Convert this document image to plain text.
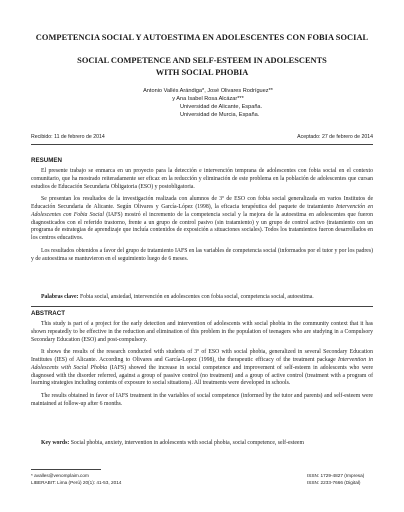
COMPETENCIA SOCIAL Y AUTOESTIMA EN ADOLESCENTES CON FOBIA SOCIAL
SOCIAL COMPETENCE AND SELF-ESTEEM IN ADOLESCENTS
WITH SOCIAL PHOBIA
Antonio Vallés Arándiga*, José Olivares Rodríguez**
y Ana Isabel Rosa Alcázar***
Universidad de Alicante, España.
Universidad de Murcia, España.
Recibido: 11 de febrero de 2014	Aceptado: 27 de febrero de 2014
RESUMEN

El presente trabajo se enmarca en un proyecto para la detección e intervención temprana de adolescentes con fobia social en el contexto comunitario, que ha mostrado reiteradamente ser eficaz en la reducción y eliminación de este problema en la población de adolescentes que cursan estudios de Educación Secundaria Obligatoria (ESO) y postobligatoria.

Se presentan los resultados de la investigación realizada con alumnos de 3º de ESO con fobia social generalizada en varios Institutos de Educación Secundaria de Alicante. Según Olivares y García-López (1998), la eficacia terapéutica del paquete de tratamiento Intervención en Adolescentes con Fobia Social (IAFS) mostró el incremento de la competencia social y la mejora de la autoestima en adolescentes que fueron diagnosticados con el referido trastorno, frente a un grupo de control pasivo (sin tratamiento) y un grupo de control activo (tratamiento con un programa de estrategias de aprendizaje que incluía contenidos de exposición a situaciones sociales). Todos los tratamientos fueron desarrollados en los centros educativos.

Los resultados obtenidos a favor del grupo de tratamiento IAFS en las variables de competencia social (informados por el tutor y por los padres) y de autoestima se mantuvieron en el seguimiento luego de 6 meses.

Palabras clave: Fobia social, ansiedad, intervención en adolescentes con fobia social, competencia social, autoestima.
ABSTRACT

This study is part of a project for the early detection and intervention of adolescents with social phobia in the community context that it has shown repeatedly to be effective in the reduction and elimination of this problem in the population of teenagers who are studying in a Compulsory Secondary Education (ESO) and post-compulsory.

It shows the results of the research conducted with students of 3º of ESO with social phobia, generalized in several Secondary Education Institutes (IES) of Alicante. According to Olivares and García-Lopez (1998), the therapeutic efficacy of the treatment package Intervention in Adolescents with Social Phobia (IAFS) showed the increase in social competence and improvement of self-esteem in adolescents who were diagnosed with the disorder referred, against a group of passive control (no treatment) and a group of active control (treatment with a program of learning strategies including contents of exposure to social situations). All treatments were developed in schools.

The results obtained in favor of IAFS treatment in the variables of social competence (informed by the tutor and parents) and self-esteem were maintained at follow-up after 6 months.

Key words: Social phobia, anxiety, intervention in adolescents with social phobia, social competence, self-esteem
* avalles@venomplaim.com
LIBERABIT: Lima (Perú) 20(1): 41-53, 2014
ISSN: 1729-4827 (Impresa)
ISSN: 2233-7666 (Digital)
